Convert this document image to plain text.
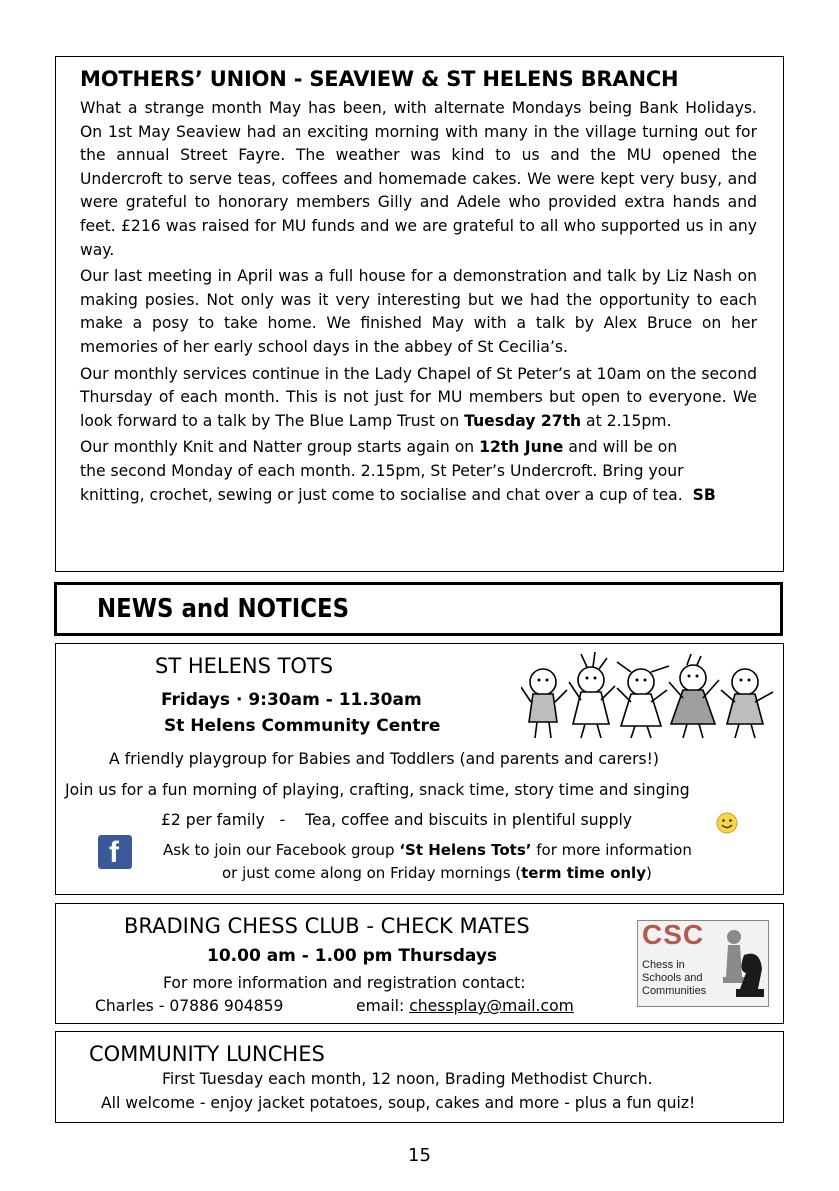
MOTHERS’ UNION - SEAVIEW & ST HELENS BRANCH

What a strange month May has been, with alternate Mondays being Bank Holidays. On 1st May Seaview had an exciting morning with many in the village turning out for the annual Street Fayre. The weather was kind to us and the MU opened the Undercroft to serve teas, coffees and homemade cakes. We were kept very busy, and were grateful to honorary members Gilly and Adele who provided extra hands and feet. £216 was raised for MU funds and we are grateful to all who supported us in any way.

Our last meeting in April was a full house for a demonstration and talk by Liz Nash on making posies. Not only was it very interesting but we had the opportunity to each make a posy to take home. We finished May with a talk by Alex Bruce on her memories of her early school days in the abbey of St Cecilia’s.

Our monthly services continue in the Lady Chapel of St Peter’s at 10am on the second Thursday of each month. This is not just for MU members but open to everyone. We look forward to a talk by The Blue Lamp Trust on Tuesday 27th at 2.15pm.

Our monthly Knit and Natter group starts again on 12th June and will be on
the second Monday of each month. 2.15pm, St Peter’s Undercroft. Bring your
knitting, crochet, sewing or just come to socialise and chat over a cup of tea. SB

NEWS and NOTICES
ST HELENS TOTS
Fridays · 9:30am - 11.30am
St Helens Community Centre
A friendly playgroup for Babies and Toddlers (and parents and carers!)
Join us for a fun morning of playing, crafting, snack time, story time and singing
£2 per family   -    Tea, coffee and biscuits in plentiful supply
f	Ask to join our Facebook group ‘St Helens Tots’ for more information
or just come along on Friday mornings (term time only)
BRADING CHESS CLUB - CHECK MATES
10.00 am - 1.00 pm Thursdays
For more information and registration contact:
Charles - 07886 904859	email: chessplay@mail.com
CSC
Chess in
Schools and
Communities
COMMUNITY LUNCHES
First Tuesday each month, 12 noon, Brading Methodist Church.
All welcome - enjoy jacket potatoes, soup, cakes and more - plus a fun quiz!
15
